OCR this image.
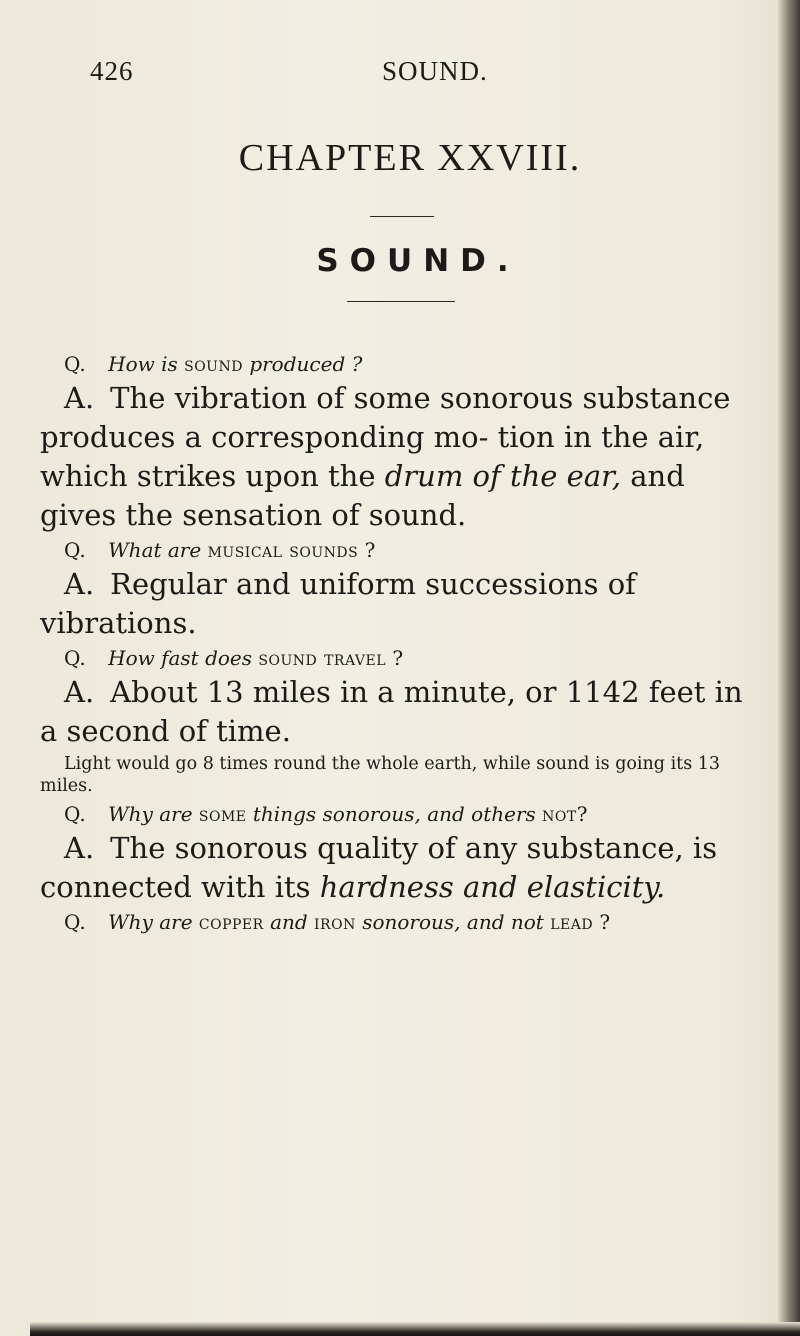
426	SOUND.
CHAPTER XXVIII.
SOUND.

Q. How is sound produced ?

A. The vibration of some sonorous substance produces a corresponding mo- tion in the air, which strikes upon the drum of the ear, and gives the sensation of sound.

Q. What are musical sounds ?

A. Regular and uniform successions of vibrations.

Q. How fast does sound travel ?

A. About 13 miles in a minute, or 1142 feet in a second of time.

Light would go 8 times round the whole earth, while sound is going its 13 miles.

Q. Why are some things sonorous, and others not?

A. The sonorous quality of any substance, is connected with its hardness and elasticity.

Q. Why are copper and iron sonorous, and not lead ?
